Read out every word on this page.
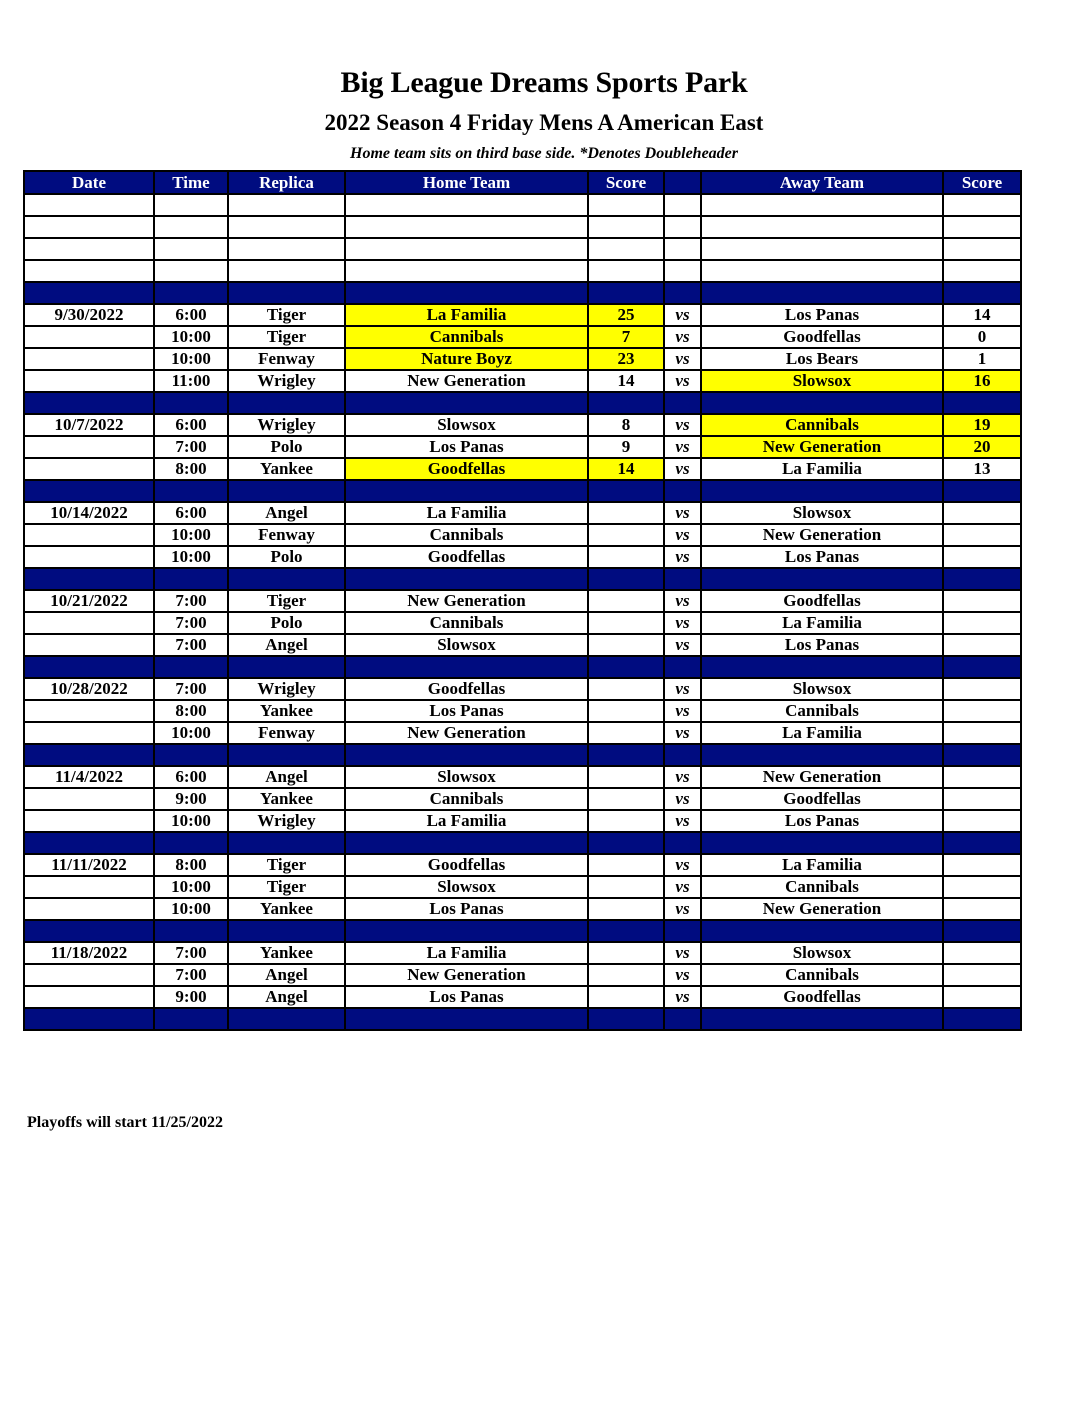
Big League Dreams Sports Park
2022 Season 4 Friday Mens A American East
Home team sits on third base side. *Denotes Doubleheader
Date	Time	Replica	Home Team	Score		Away Team	Score

9/30/2022	6:00	Tiger	La Familia	25	vs	Los Panas	14
	10:00	Tiger	Cannibals	7	vs	Goodfellas	0
	10:00	Fenway	Nature Boyz	23	vs	Los Bears	1
	11:00	Wrigley	New Generation	14	vs	Slowsox	16

10/7/2022	6:00	Wrigley	Slowsox	8	vs	Cannibals	19
	7:00	Polo	Los Panas	9	vs	New Generation	20
	8:00	Yankee	Goodfellas	14	vs	La Familia	13

10/14/2022	6:00	Angel	La Familia		vs	Slowsox	
	10:00	Fenway	Cannibals		vs	New Generation	
	10:00	Polo	Goodfellas		vs	Los Panas	

10/21/2022	7:00	Tiger	New Generation		vs	Goodfellas	
	7:00	Polo	Cannibals		vs	La Familia	
	7:00	Angel	Slowsox		vs	Los Panas	

10/28/2022	7:00	Wrigley	Goodfellas		vs	Slowsox	
	8:00	Yankee	Los Panas		vs	Cannibals	
	10:00	Fenway	New Generation		vs	La Familia	

11/4/2022	6:00	Angel	Slowsox		vs	New Generation	
	9:00	Yankee	Cannibals		vs	Goodfellas	
	10:00	Wrigley	La Familia		vs	Los Panas	

11/11/2022	8:00	Tiger	Goodfellas		vs	La Familia	
	10:00	Tiger	Slowsox		vs	Cannibals	
	10:00	Yankee	Los Panas		vs	New Generation	

11/18/2022	7:00	Yankee	La Familia		vs	Slowsox	
	7:00	Angel	New Generation		vs	Cannibals	
	9:00	Angel	Los Panas		vs	Goodfellas	

Playoffs will start 11/25/2022
